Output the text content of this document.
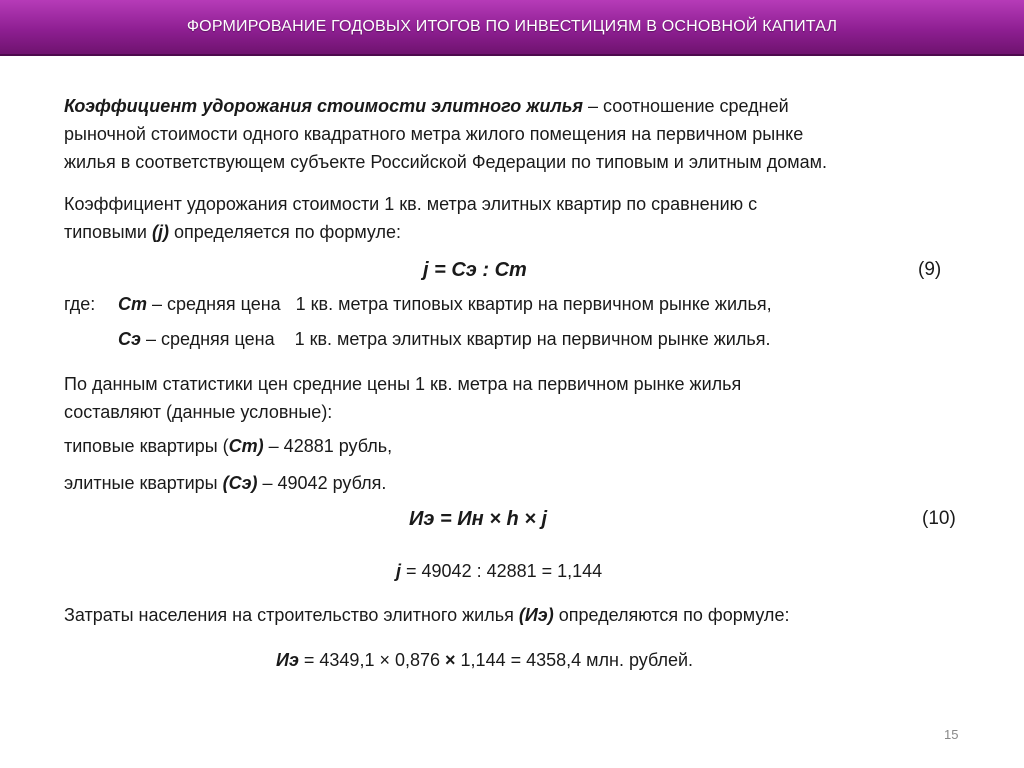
ФОРМИРОВАНИЕ ГОДОВЫХ ИТОГОВ ПО ИНВЕСТИЦИЯМ В ОСНОВНОЙ КАПИТАЛ
Коэффициент удорожания стоимости элитного жилья – соотношение средней
рыночной стоимости одного квадратного метра жилого помещения на первичном рынке
жилья в соответствующем субъекте Российской Федерации по типовым и элитным домам.
Коэффициент удорожания стоимости 1 кв. метра элитных квартир по сравнению с
типовыми (j) определяется по формуле:
j = Cэ : Ст	(9)
где: Ст – средняя цена   1 кв. метра типовых квартир на первичном рынке жилья,
Сэ – средняя цена    1 кв. метра элитных квартир на первичном рынке жилья.
По данным статистики цен средние цены 1 кв. метра на первичном рынке жилья
составляют (данные условные):
типовые квартиры (Ст) – 42881 рубль,
элитные квартиры (Сэ) – 49042 рубля.
Иэ = Ин × h × j	(10)
j = 49042 : 42881 = 1,144
Затраты населения на строительство элитного жилья (Иэ) определяются по формуле:
Иэ = 4349,1 × 0,876 × 1,144 = 4358,4 млн. рублей.
15
